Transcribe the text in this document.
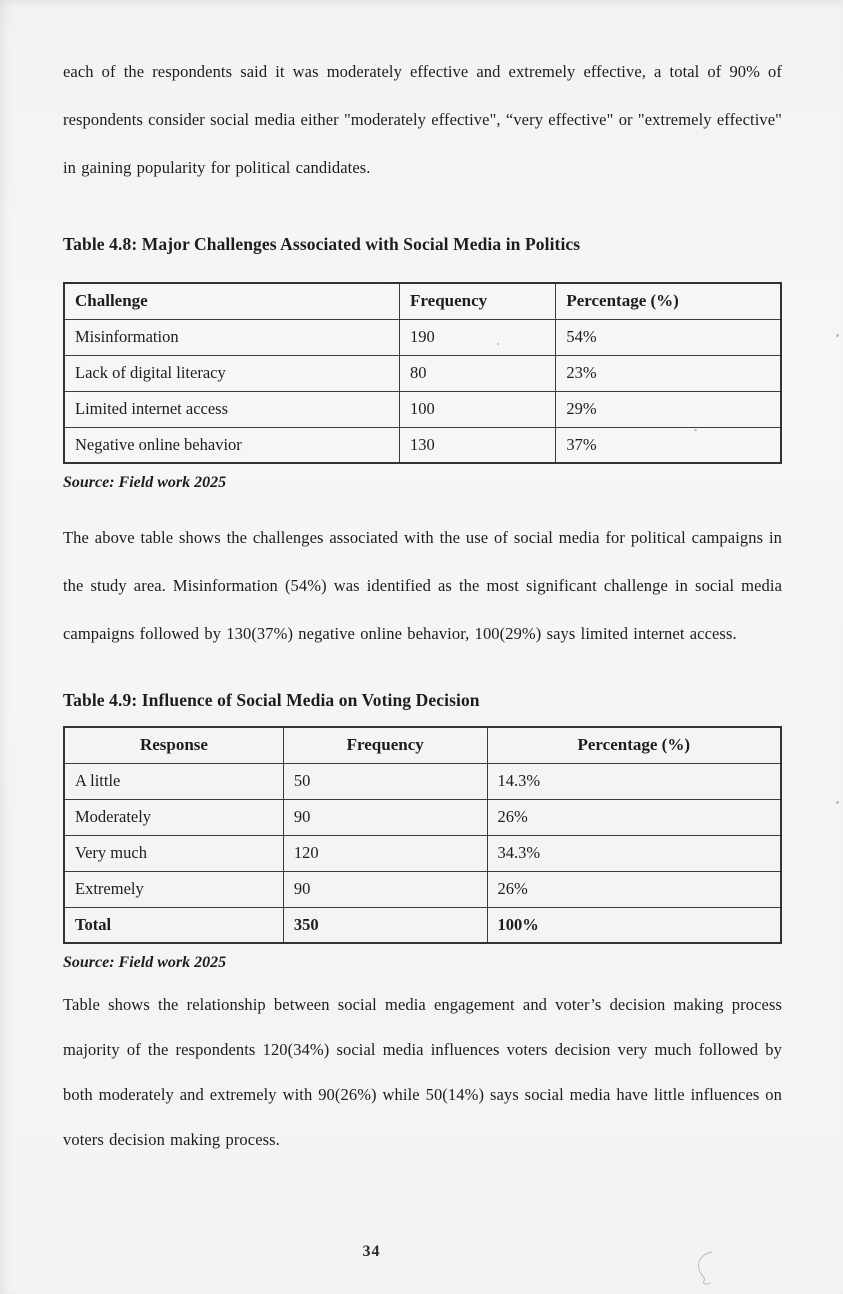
each of the respondents said it was moderately effective and extremely effective, a total of 90% of respondents consider social media either "moderately effective", “very effective" or "extremely effective" in gaining popularity for political candidates.

Table 4.8: Major Challenges Associated with Social Media in Politics
Challenge	Frequency	Percentage (%)
Misinformation	190	54%
Lack of digital literacy	80	23%
Limited internet access	100	29%
Negative online behavior	130	37%
Source: Field work 2025

The above table shows the challenges associated with the use of social media for political campaigns in the study area. Misinformation (54%) was identified as the most significant challenge in social media campaigns followed by 130(37%) negative online behavior, 100(29%) says limited internet access.

Table 4.9: Influence of Social Media on Voting Decision
Response	Frequency	Percentage (%)
A little	50	14.3%
Moderately	90	26%
Very much	120	34.3%
Extremely	90	26%
Total	350	100%
Source: Field work 2025

Table shows the relationship between social media engagement and voter’s decision making process majority of the respondents 120(34%) social media influences voters decision very much followed by both moderately and extremely with 90(26%) while 50(14%) says social media have little influences on voters decision making process.

34
